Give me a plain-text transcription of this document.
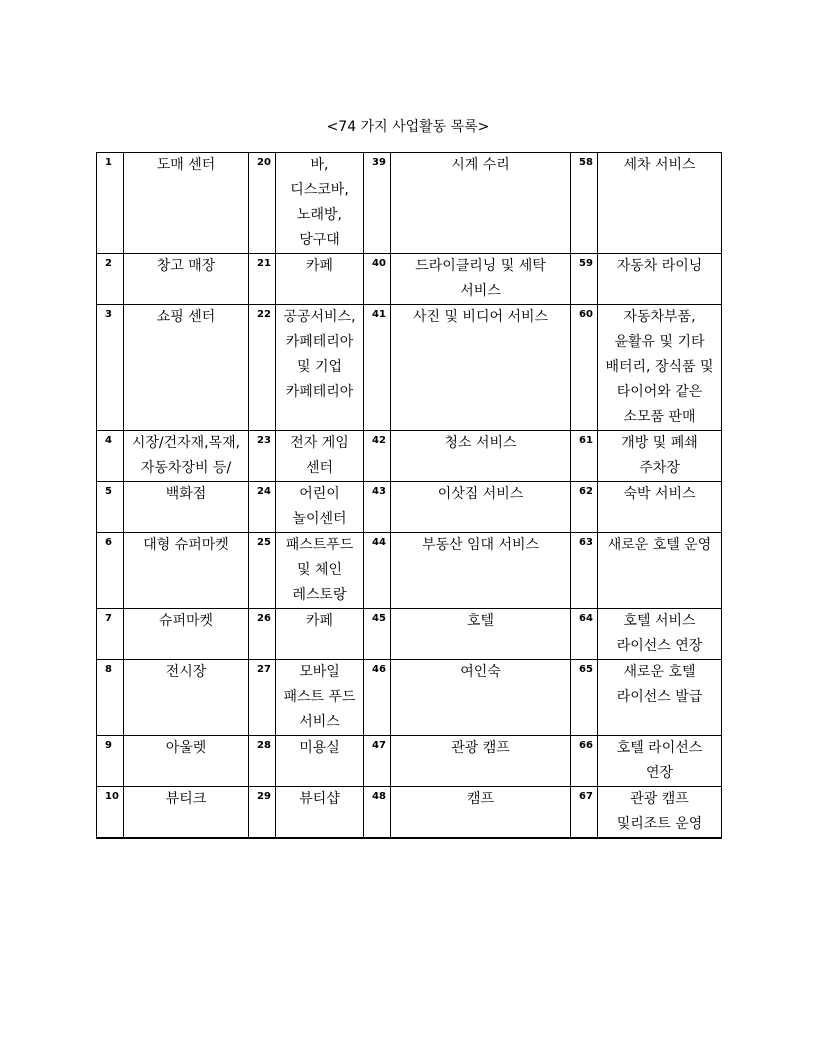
<74 가지 사업활동 목록>
1	도매 센터	20	바, 디스코바, 노래방, 당구대	39	시계 수리	58	세차 서비스
2	창고 매장	21	카페	40	드라이클리닝 및 세탁 서비스	59	자동차 라이닝
3	쇼핑 센터	22	공공서비스, 카페테리아 및 기업 카페테리아	41	사진 및 비디어 서비스	60	자동차부품, 윤활유 및 기타 배터리, 장식품 및 타이어와 같은 소모품 판매
4	시장/건자재,목재, 자동차장비 등/	23	전자 게임 센터	42	청소 서비스	61	개방 및 폐쇄 주차장
5	백화점	24	어린이 놀이센터	43	이삿짐 서비스	62	숙박 서비스
6	대형 슈퍼마켓	25	패스트푸드 및 체인 레스토랑	44	부동산 임대 서비스	63	새로운 호텔 운영
7	슈퍼마켓	26	카페	45	호텔	64	호텔 서비스 라이선스 연장
8	전시장	27	모바일 패스트 푸드 서비스	46	여인숙	65	새로운 호텔 라이선스 발급
9	아울렛	28	미용실	47	관광 캠프	66	호텔 라이선스 연장
10	뷰티크	29	뷰티샵	48	캠프	67	관광 캠프 및리조트 운영
